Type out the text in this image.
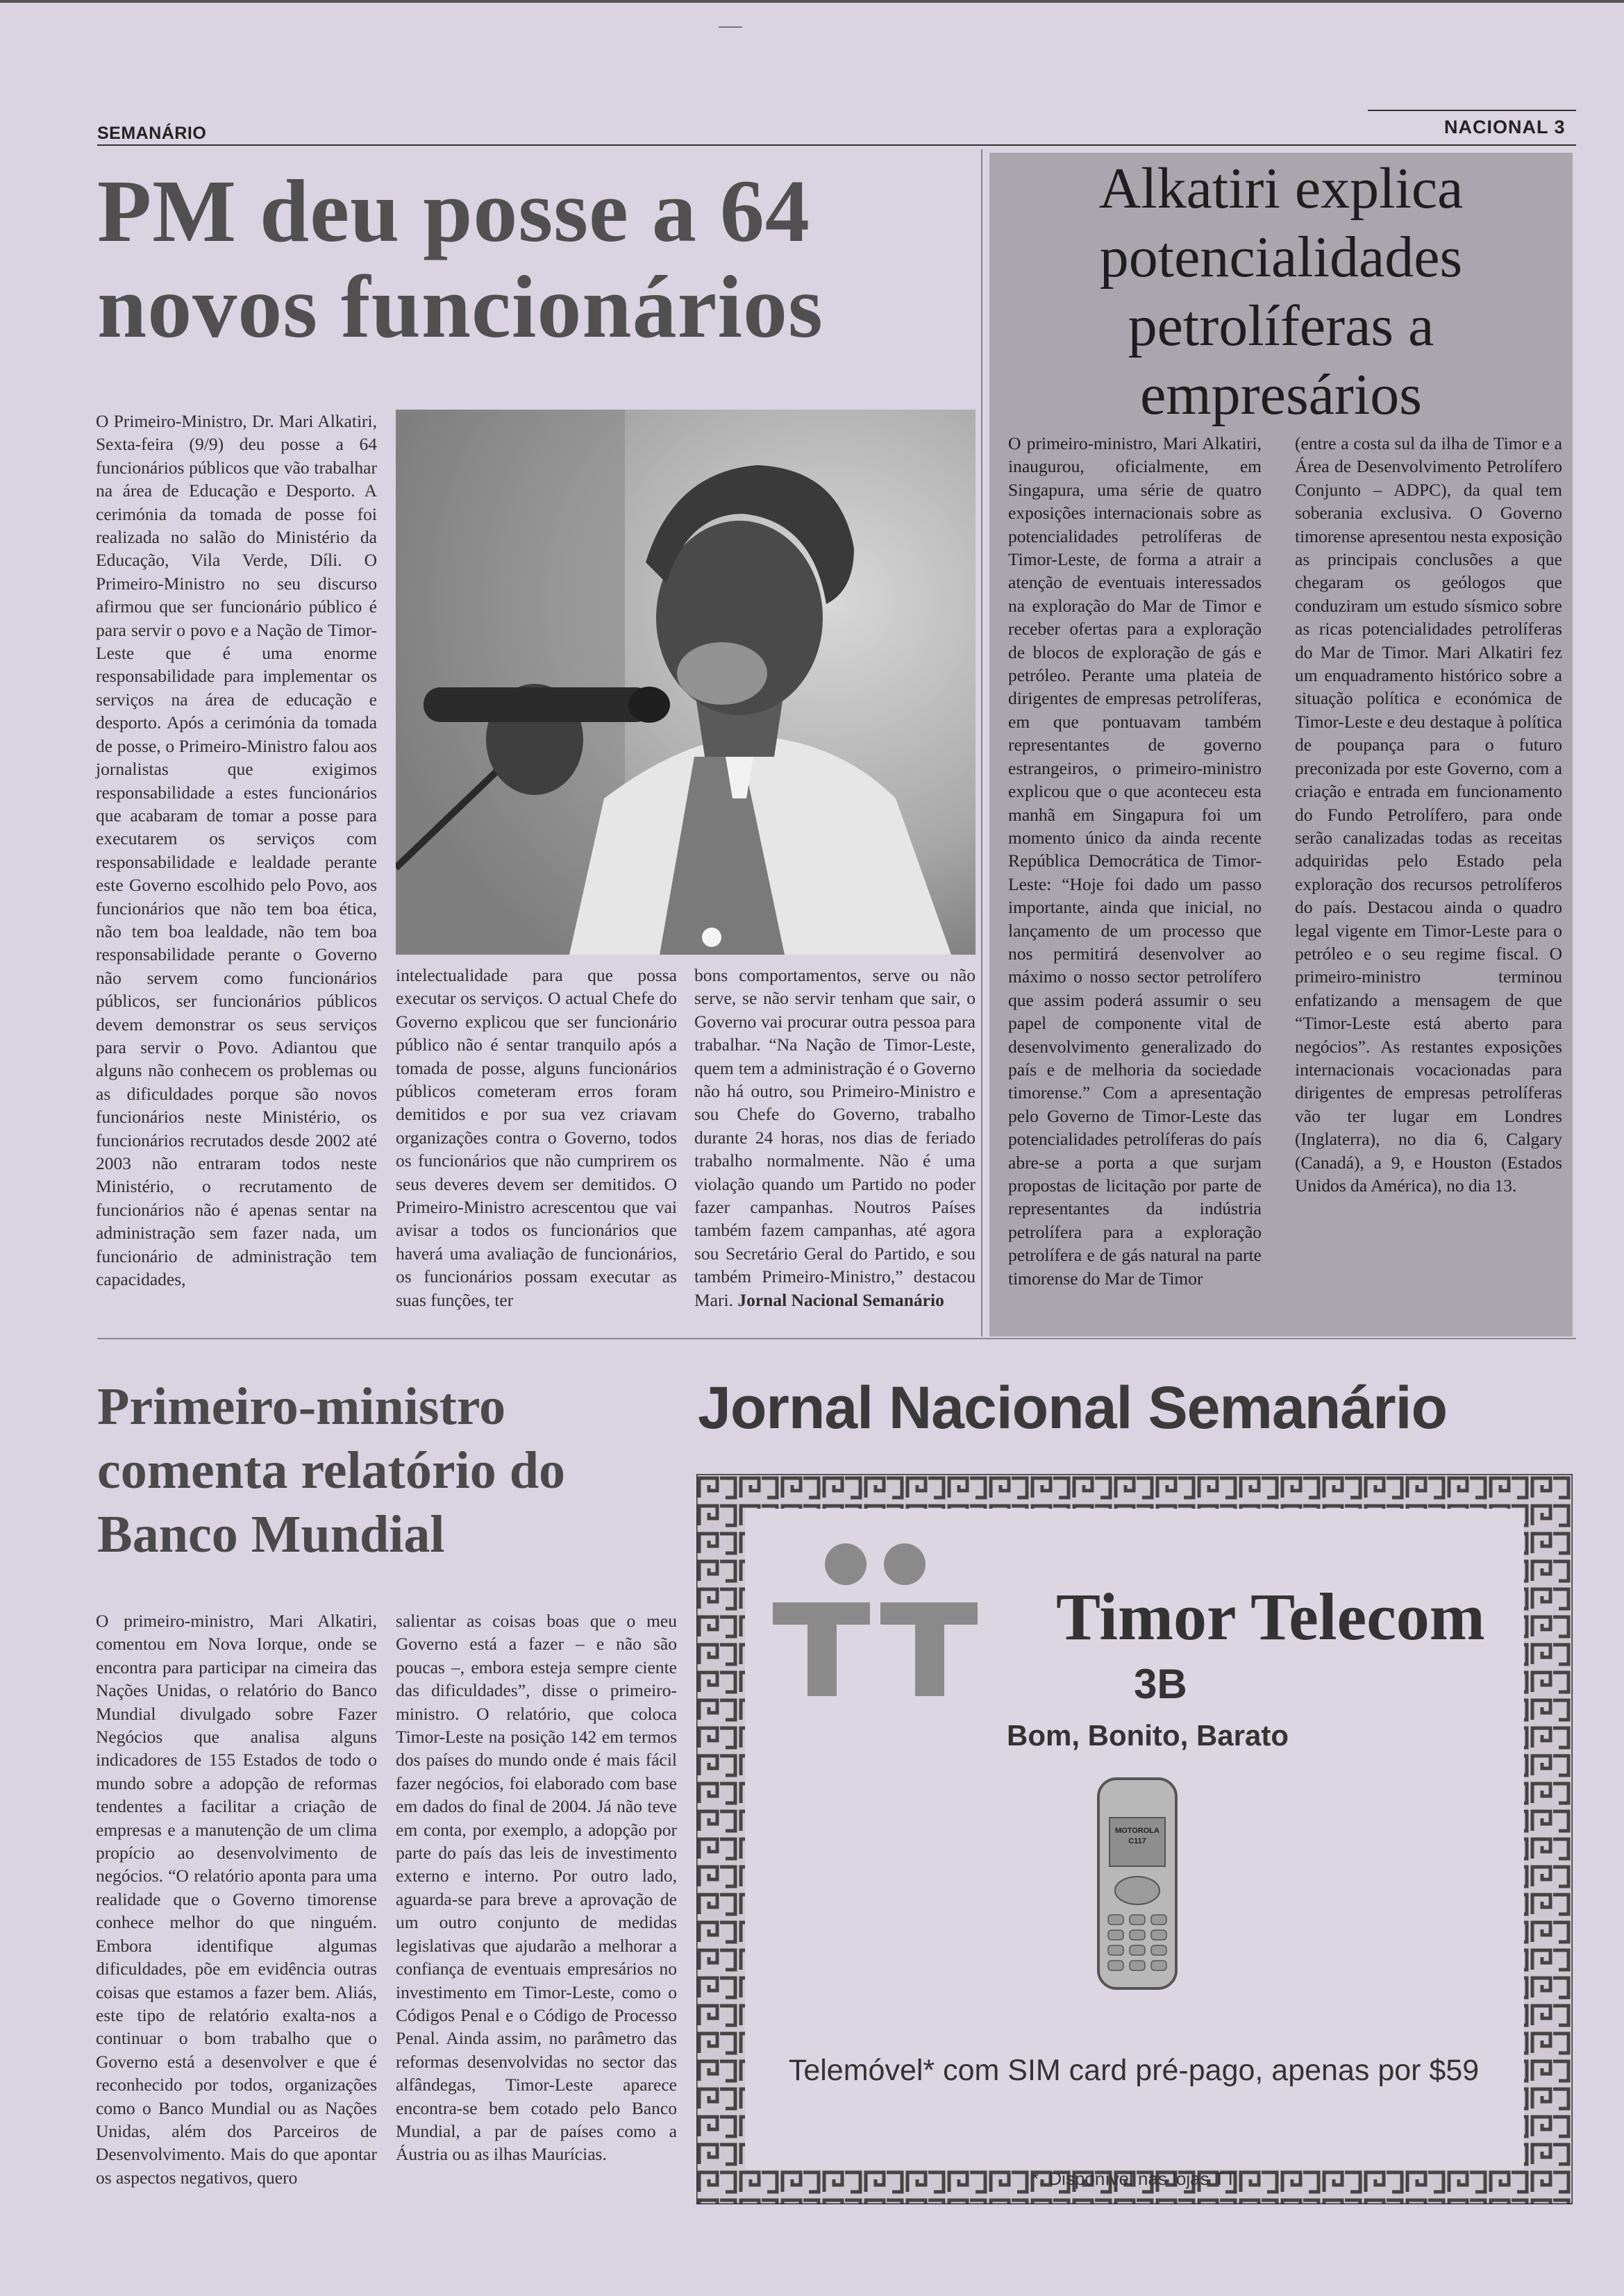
SEMANÁRIO	NACIONAL 3
PM deu posse a 64 novos funcionários
O Primeiro-Ministro, Dr. Mari Alkatiri, Sexta-feira (9/9) deu posse a 64 funcionários públicos que vão trabalhar na área de Educação e Desporto. A cerimónia da tomada de posse foi realizada no salão do Ministério da Educação, Vila Verde, Díli. O Primeiro-Ministro no seu discurso afirmou que ser funcionário público é para servir o povo e a Nação de Timor-Leste que é uma enorme responsabilidade para implementar os serviços na área de educação e desporto. Após a cerimónia da tomada de posse, o Primeiro-Ministro falou aos jornalistas que exigimos responsabilidade a estes funcionários que acabaram de tomar a posse para executarem os serviços com responsabilidade e lealdade perante este Governo escolhido pelo Povo, aos funcionários que não tem boa ética, não tem boa lealdade, não tem boa responsabilidade perante o Governo não servem como funcionários públicos, ser funcionários públicos devem demonstrar os seus serviços para servir o Povo. Adiantou que alguns não conhecem os problemas ou as dificuldades porque são novos funcionários neste Ministério, os funcionários recrutados desde 2002 até 2003 não entraram todos neste Ministério, o recrutamento de funcionários não é apenas sentar na administração sem fazer nada, um funcionário de administração tem capacidades,
intelectualidade para que possa executar os serviços. O actual Chefe do Governo explicou que ser funcionário público não é sentar tranquilo após a tomada de posse, alguns funcionários públicos cometeram erros foram demitidos e por sua vez criavam organizações contra o Governo, todos os funcionários que não cumprirem os seus deveres devem ser demitidos. O Primeiro-Ministro acrescentou que vai avisar a todos os funcionários que haverá uma avaliação de funcionários, os funcionários possam executar as suas funções, ter
bons comportamentos, serve ou não serve, se não servir tenham que sair, o Governo vai procurar outra pessoa para trabalhar. “Na Nação de Timor-Leste, quem tem a administração é o Governo não há outro, sou Primeiro-Ministro e sou Chefe do Governo, trabalho durante 24 horas, nos dias de feriado trabalho normalmente. Não é uma violação quando um Partido no poder fazer campanhas. Noutros Países também fazem campanhas, até agora sou Secretário Geral do Partido, e sou também Primeiro-Ministro,” destacou Mari. Jornal Nacional Semanário
Alkatiri explica potencialidades petrolíferas a empresários
O primeiro-ministro, Mari Alkatiri, inaugurou, oficialmente, em Singapura, uma série de quatro exposições internacionais sobre as potencialidades petrolíferas de Timor-Leste, de forma a atrair a atenção de eventuais interessados na exploração do Mar de Timor e receber ofertas para a exploração de blocos de exploração de gás e petróleo. Perante uma plateia de dirigentes de empresas petrolíferas, em que pontuavam também representantes de governo estrangeiros, o primeiro-ministro explicou que o que aconteceu esta manhã em Singapura foi um momento único da ainda recente República Democrática de Timor-Leste: “Hoje foi dado um passo importante, ainda que inicial, no lançamento de um processo que nos permitirá desenvolver ao máximo o nosso sector petrolífero que assim poderá assumir o seu papel de componente vital de desenvolvimento generalizado do país e de melhoria da sociedade timorense.” Com a apresentação pelo Governo de Timor-Leste das potencialidades petrolíferas do país abre-se a porta a que surjam propostas de licitação por parte de representantes da indústria petrolífera para a exploração petrolífera e de gás natural na parte timorense do Mar de Timor
(entre a costa sul da ilha de Timor e a Área de Desenvolvimento Petrolífero Conjunto – ADPC), da qual tem soberania exclusiva. O Governo timorense apresentou nesta exposição as principais conclusões a que chegaram os geólogos que conduziram um estudo sísmico sobre as ricas potencialidades petrolíferas do Mar de Timor. Mari Alkatiri fez um enquadramento histórico sobre a situação política e económica de Timor-Leste e deu destaque à política de poupança para o futuro preconizada por este Governo, com a criação e entrada em funcionamento do Fundo Petrolífero, para onde serão canalizadas todas as receitas adquiridas pelo Estado pela exploração dos recursos petrolíferos do país. Destacou ainda o quadro legal vigente em Timor-Leste para o petróleo e o seu regime fiscal. O primeiro-ministro terminou enfatizando a mensagem de que “Timor-Leste está aberto para negócios”. As restantes exposições internacionais vocacionadas para dirigentes de empresas petrolíferas vão ter lugar em Londres (Inglaterra), no dia 6, Calgary (Canadá), a 9, e Houston (Estados Unidos da América), no dia 13.
Primeiro-ministro comenta relatório do Banco Mundial
O primeiro-ministro, Mari Alkatiri, comentou em Nova Iorque, onde se encontra para participar na cimeira das Nações Unidas, o relatório do Banco Mundial divulgado sobre Fazer Negócios que analisa alguns indicadores de 155 Estados de todo o mundo sobre a adopção de reformas tendentes a facilitar a criação de empresas e a manutenção de um clima propício ao desenvolvimento de negócios. “O relatório aponta para uma realidade que o Governo timorense conhece melhor do que ninguém. Embora identifique algumas dificuldades, põe em evidência outras coisas que estamos a fazer bem. Aliás, este tipo de relatório exalta-nos a continuar o bom trabalho que o Governo está a desenvolver e que é reconhecido por todos, organizações como o Banco Mundial ou as Nações Unidas, além dos Parceiros de Desenvolvimento. Mais do que apontar os aspectos negativos, quero
salientar as coisas boas que o meu Governo está a fazer – e não são poucas –, embora esteja sempre ciente das dificuldades”, disse o primeiro-ministro. O relatório, que coloca Timor-Leste na posição 142 em termos dos países do mundo onde é mais fácil fazer negócios, foi elaborado com base em dados do final de 2004. Já não teve em conta, por exemplo, a adopção por parte do país das leis de investimento externo e interno. Por outro lado, aguarda-se para breve a aprovação de um outro conjunto de medidas legislativas que ajudarão a melhorar a confiança de eventuais empresários no investimento em Timor-Leste, como o Códigos Penal e o Código de Processo Penal. Ainda assim, no parâmetro das reformas desenvolvidas no sector das alfândegas, Timor-Leste aparece encontra-se bem cotado pelo Banco Mundial, a par de países como a Áustria ou as ilhas Maurícias.
Jornal Nacional Semanário
Timor Telecom
3B
Bom, Bonito, Barato
MOTOROLA C117
Telemóvel* com SIM card pré-pago, apenas por $59
*. Disponível nas lojas TT
